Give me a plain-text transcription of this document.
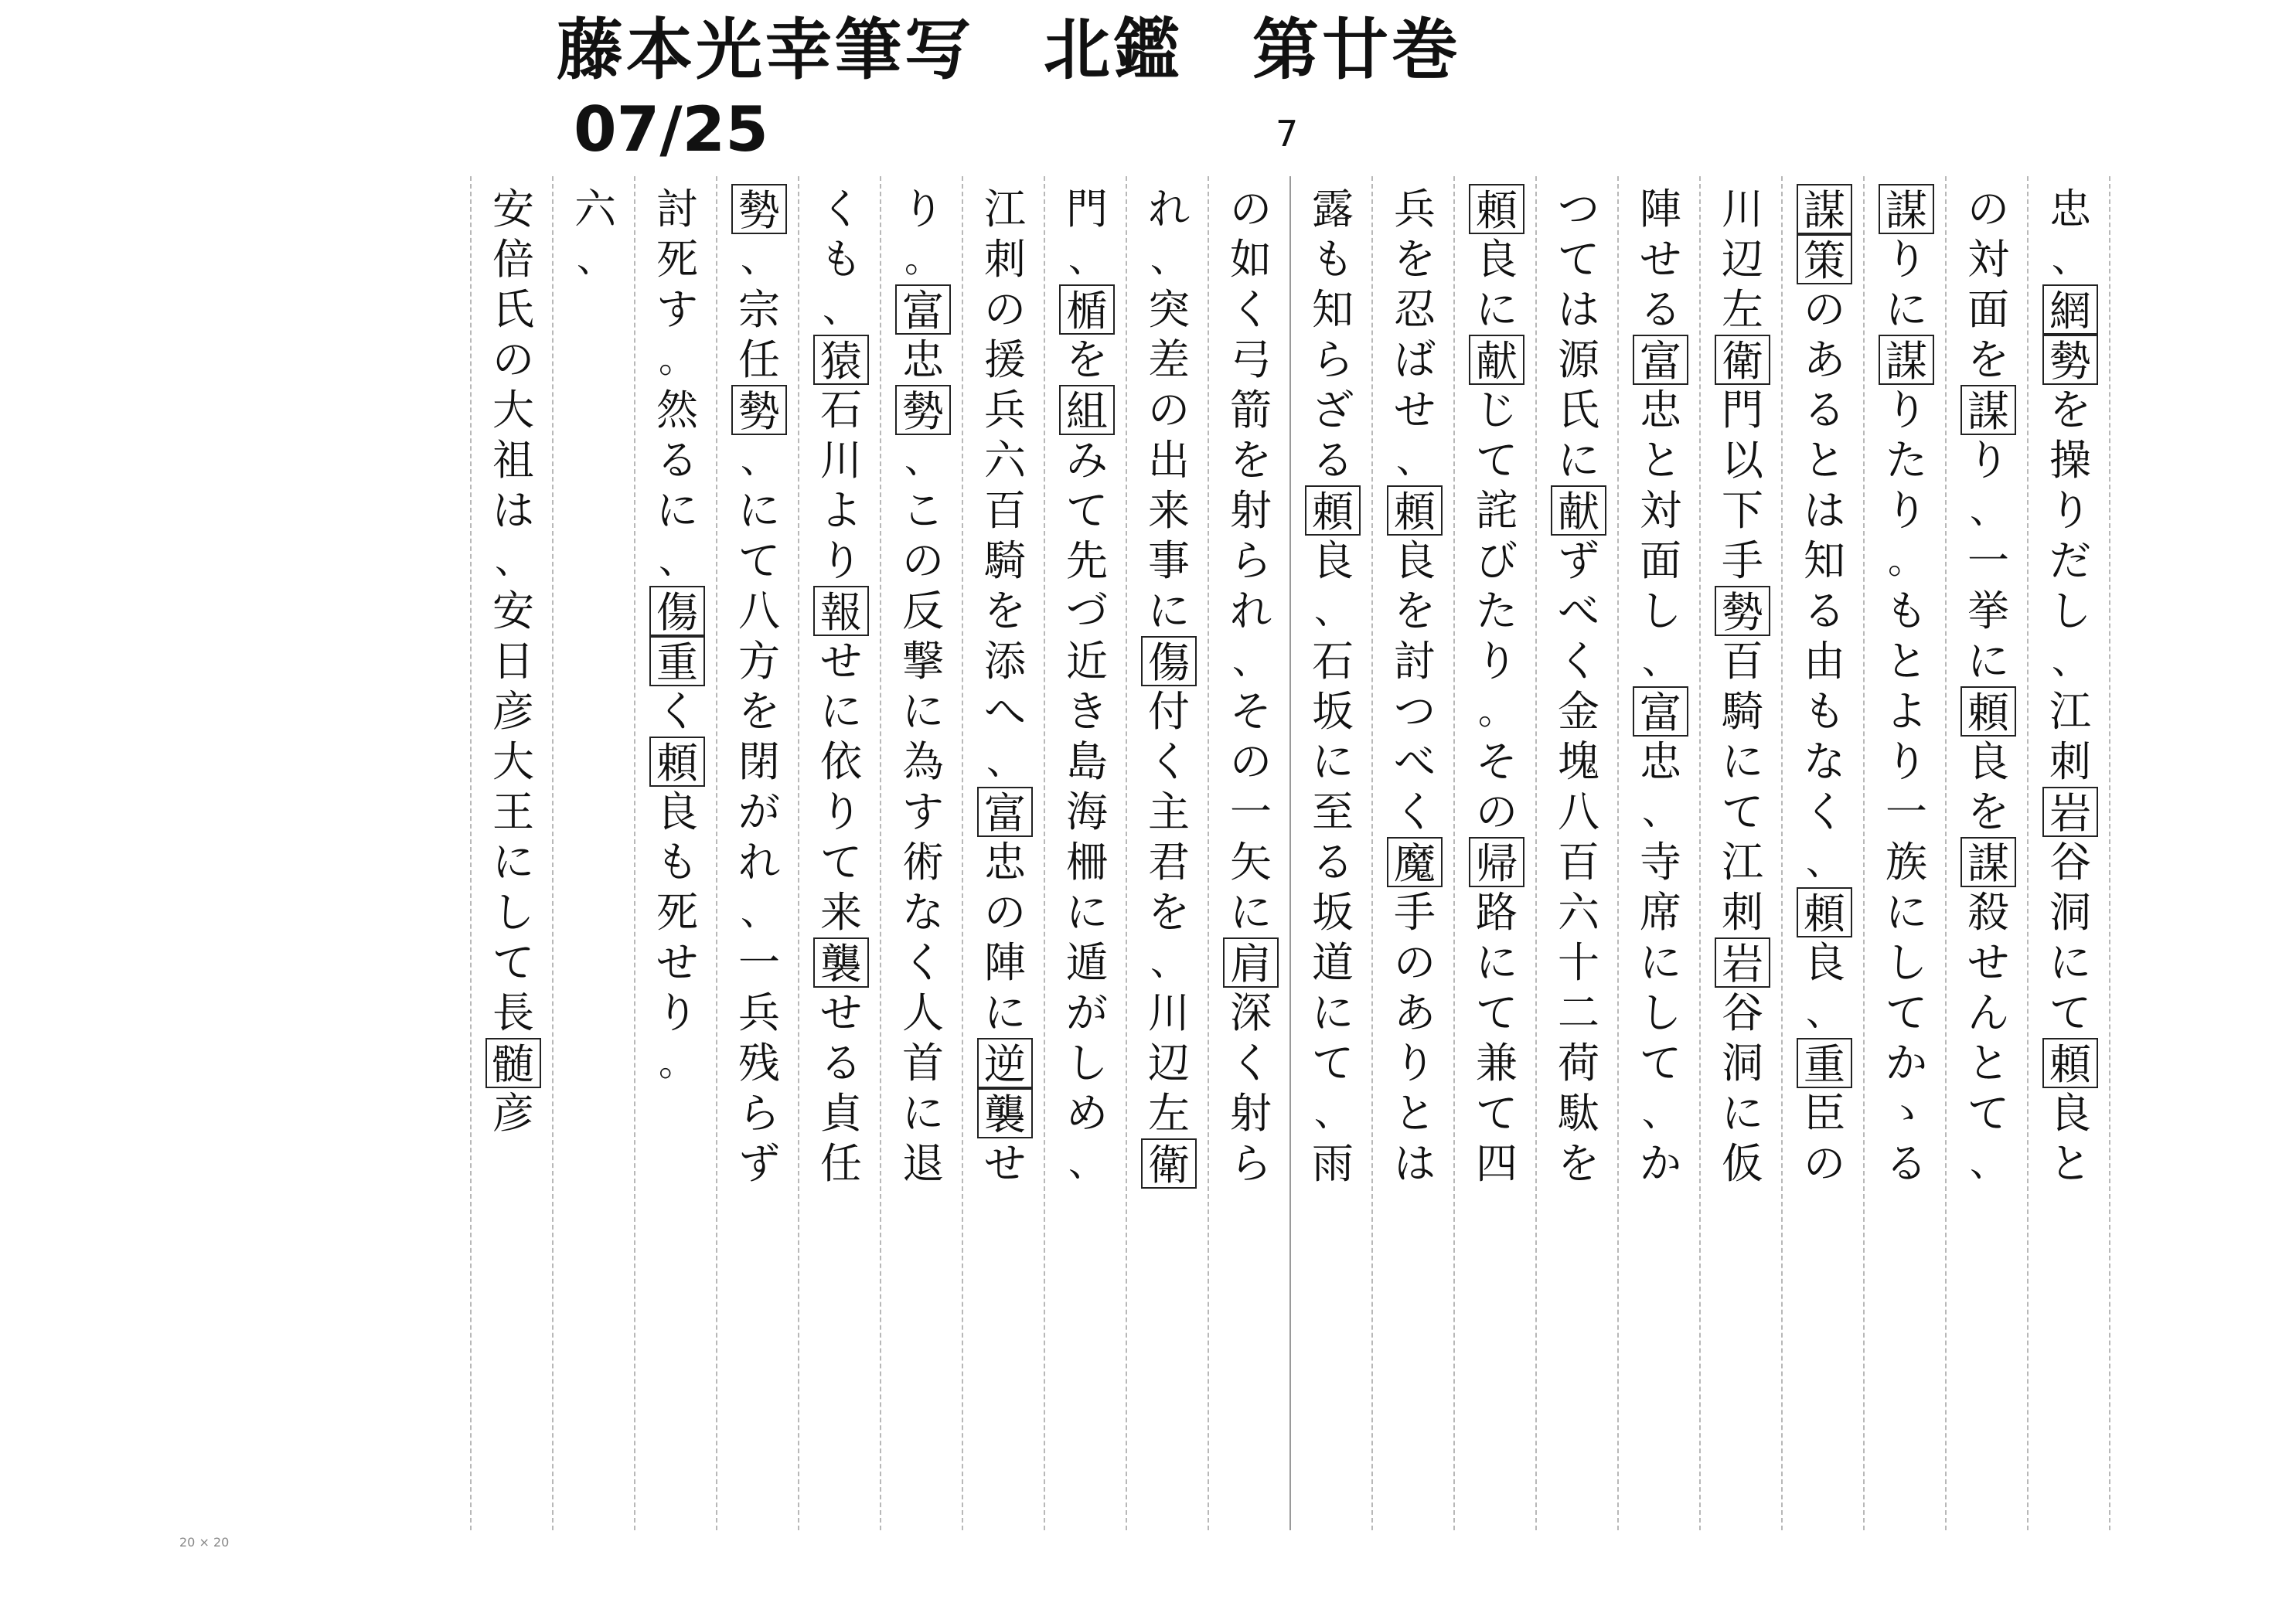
藤本光幸筆写　北鑑　第廿巻
07/25	7
忠
、
網
勢
を
操
り
だ
し
、
江
刺
岩
谷
洞
に
て
頼
良
と
の
対
面
を
謀
り
、
一
挙
に
頼
良
を
謀
殺
せ
ん
と
て
、
謀
り
に
謀
り
た
り
。
も
と
よ
り
一
族
に
し
て
か
ゝ
る
謀
策
の
あ
る
と
は
知
る
由
も
な
く
、
頼
良
、
重
臣
の
川
辺
左
衛
門
以
下
手
勢
百
騎
に
て
江
刺
岩
谷
洞
に
仮
陣
せ
る
富
忠
と
対
面
し
、
富
忠
、
寺
席
に
し
て
、
か
つ
て
は
源
氏
に
献
ず
べ
く
金
塊
八
百
六
十
二
荷
駄
を
頼
良
に
献
じ
て
詫
び
た
り
。
そ
の
帰
路
に
て
兼
て
四
兵
を
忍
ば
せ
、
頼
良
を
討
つ
べ
く
魔
手
の
あ
り
と
は
露
も
知
ら
ざ
る
頼
良
、
石
坂
に
至
る
坂
道
に
て
、
雨
の
如
く
弓
箭
を
射
ら
れ
、
そ
の
一
矢
に
肩
深
く
射
ら
れ
、
突
差
の
出
来
事
に
傷
付
く
主
君
を
、
川
辺
左
衛
門
、
楯
を
組
み
て
先
づ
近
き
島
海
柵
に
遁
が
し
め
、
江
刺
の
援
兵
六
百
騎
を
添
へ
、
富
忠
の
陣
に
逆
襲
せ
り
。
富
忠
勢
、
こ
の
反
撃
に
為
す
術
な
く
人
首
に
退
く
も
、
猿
石
川
よ
り
報
せ
に
依
り
て
来
襲
せ
る
貞
任
勢
、
宗
任
勢
、
に
て
八
方
を
閉
が
れ
、
一
兵
残
ら
ず
討
死
す
。
然
る
に
、
傷
重
く
頼
良
も
死
せ
り
。
六
、
安
倍
氏
の
大
祖
は
、
安
日
彦
大
王
に
し
て
長
髄
彦
20 × 20
